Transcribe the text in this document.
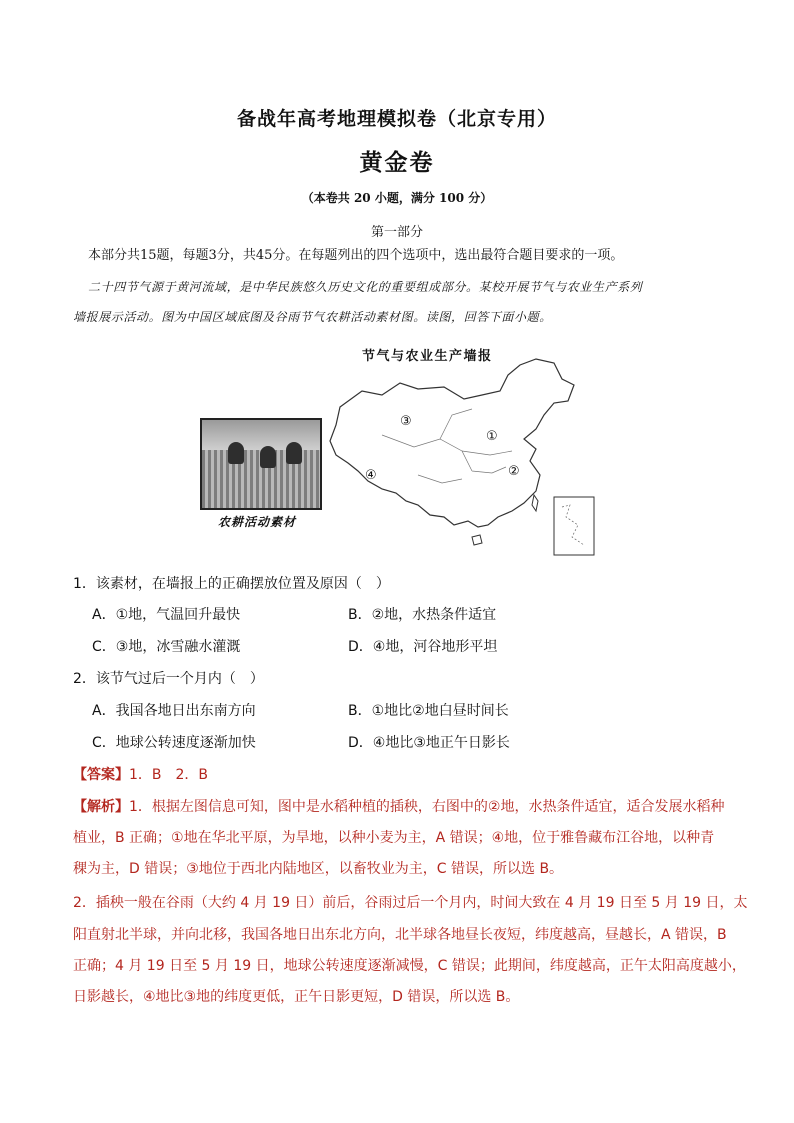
备战年高考地理模拟卷（北京专用）
黄金卷
（本卷共 20 小题，满分 100 分）
第一部分
本部分共15题，每题3分，共45分。在每题列出的四个选项中，选出最符合题目要求的一项。
二十四节气源于黄河流域，是中华民族悠久历史文化的重要组成部分。某校开展节气与农业生产系列
墙报展示活动。图为中国区域底图及谷雨节气农耕活动素材图。读图，回答下面小题。
节气与农业生产墙报
农耕活动素材
③
①
②
④
1．该素材，在墙报上的正确摆放位置及原因（　）
A．①地，气温回升最快	B．②地，水热条件适宜
C．③地，冰雪融水灌溉	D．④地，河谷地形平坦
2．该节气过后一个月内（　）
A．我国各地日出东南方向	B．①地比②地白昼时间长
C．地球公转速度逐渐加快	D．④地比③地正午日影长
【答案】1．B　2．B
【解析】1．根据左图信息可知，图中是水稻种植的插秧，右图中的②地，水热条件适宜，适合发展水稻种
植业，B 正确；①地在华北平原，为旱地，以种小麦为主，A 错误；④地，位于雅鲁藏布江谷地，以种青
稞为主，D 错误；③地位于西北内陆地区，以畜牧业为主，C 错误，所以选 B。
2．插秧一般在谷雨（大约 4 月 19 日）前后，谷雨过后一个月内，时间大致在 4 月 19 日至 5 月 19 日，太
阳直射北半球，并向北移，我国各地日出东北方向，北半球各地昼长夜短，纬度越高，昼越长，A 错误，B
正确；4 月 19 日至 5 月 19 日，地球公转速度逐渐减慢，C 错误；此期间，纬度越高，正午太阳高度越小，
日影越长，④地比③地的纬度更低，正午日影更短，D 错误，所以选 B。
